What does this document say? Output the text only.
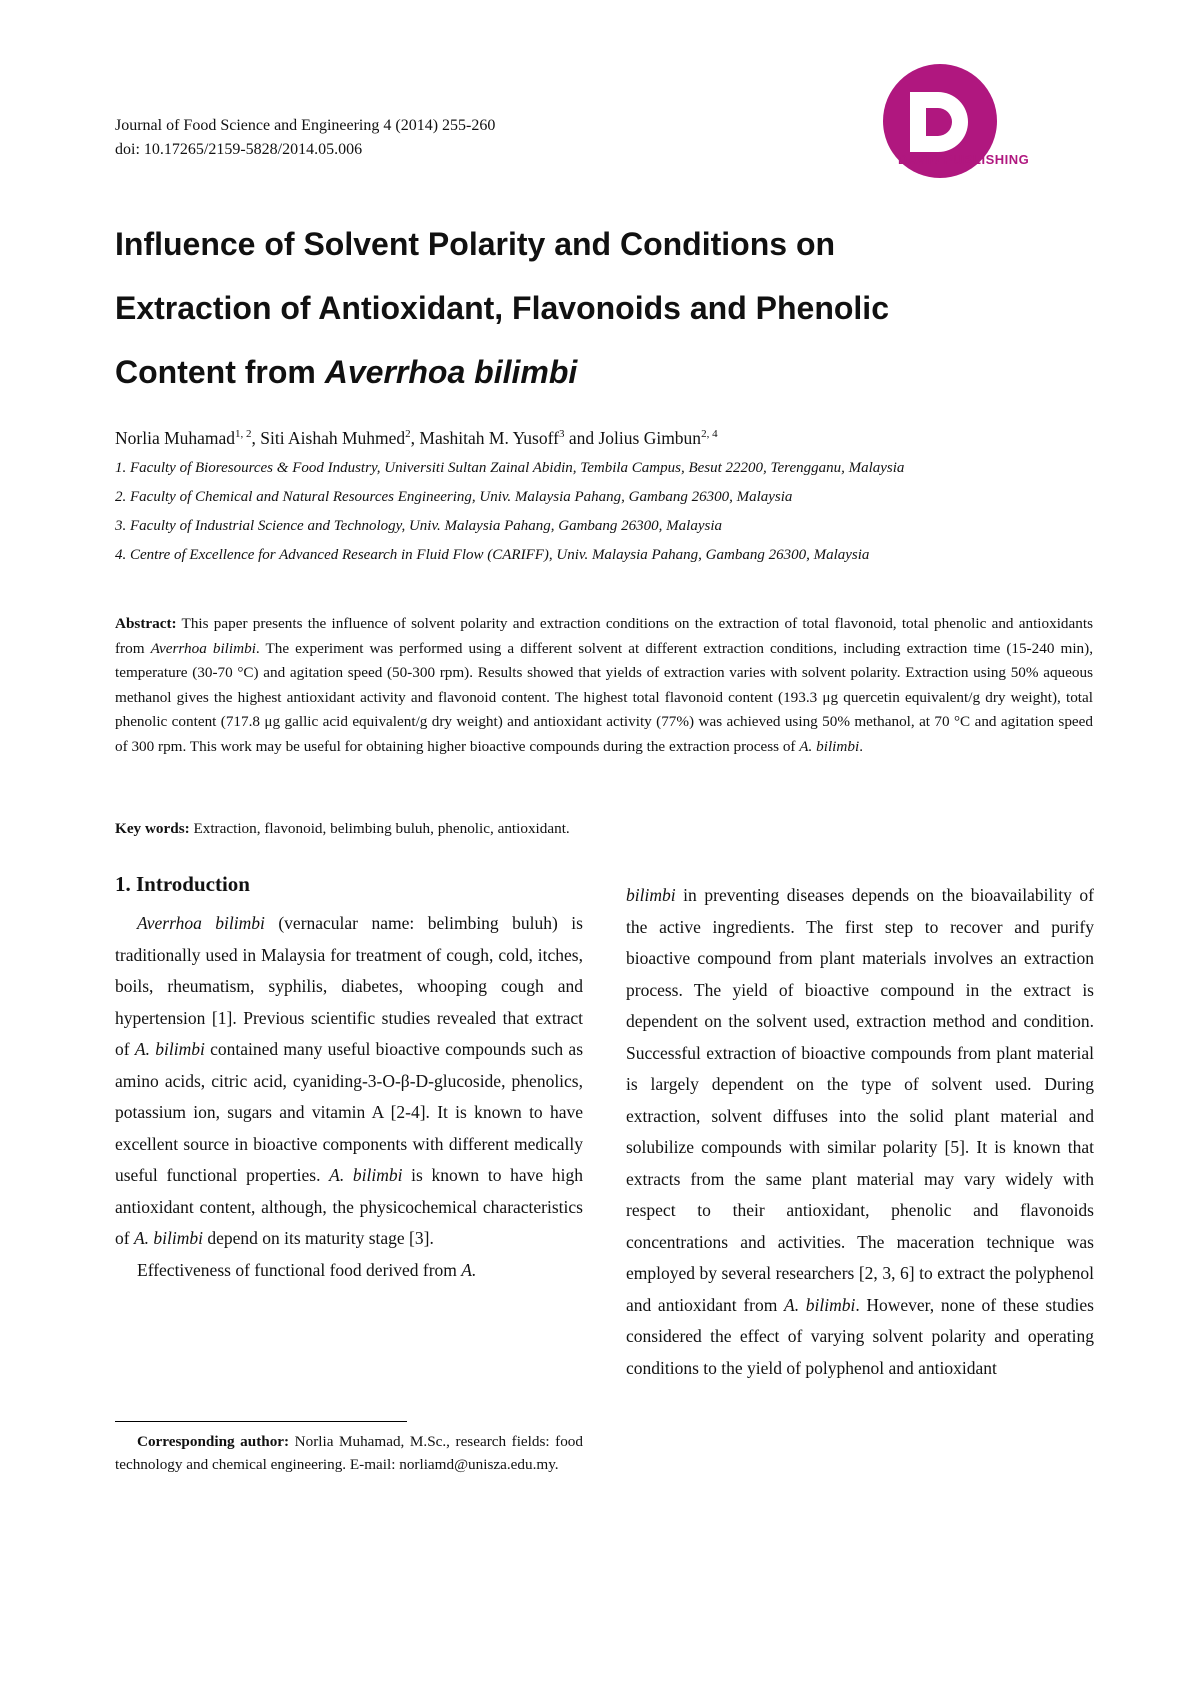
Journal of Food Science and Engineering 4 (2014) 255-260
doi: 10.17265/2159-5828/2014.05.006
DAVID PUBLISHING
Influence of Solvent Polarity and Conditions on
Extraction of Antioxidant, Flavonoids and Phenolic
Content from Averrhoa bilimbi
Norlia Muhamad$^{1, 2}$, Siti Aishah Muhmed$^2$, Mashitah M. Yusoff$^3$ and Jolius Gimbun$^{2, 4}$
1. Faculty of Bioresources & Food Industry, Universiti Sultan Zainal Abidin, Tembila Campus, Besut 22200, Terengganu, Malaysia
2. Faculty of Chemical and Natural Resources Engineering, Univ. Malaysia Pahang, Gambang 26300, Malaysia
3. Faculty of Industrial Science and Technology, Univ. Malaysia Pahang, Gambang 26300, Malaysia
4. Centre of Excellence for Advanced Research in Fluid Flow (CARIFF), Univ. Malaysia Pahang, Gambang 26300, Malaysia

Abstract: This paper presents the influence of solvent polarity and extraction conditions on the extraction of total flavonoid, total phenolic and antioxidants from Averrhoa bilimbi. The experiment was performed using a different solvent at different extraction conditions, including extraction time (15-240 min), temperature (30-70 °C) and agitation speed (50-300 rpm). Results showed that yields of extraction varies with solvent polarity. Extraction using 50% aqueous methanol gives the highest antioxidant activity and flavonoid content. The highest total flavonoid content (193.3 μg quercetin equivalent/g dry weight), total phenolic content (717.8 μg gallic acid equivalent/g dry weight) and antioxidant activity (77%) was achieved using 50% methanol, at 70 °C and agitation speed of 300 rpm. This work may be useful for obtaining higher bioactive compounds during the extraction process of A. bilimbi.

Key words: Extraction, flavonoid, belimbing buluh, phenolic, antioxidant.

1. Introduction

Averrhoa bilimbi (vernacular name: belimbing buluh) is traditionally used in Malaysia for treatment of cough, cold, itches, boils, rheumatism, syphilis, diabetes, whooping cough and hypertension [1]. Previous scientific studies revealed that extract of A. bilimbi contained many useful bioactive compounds such as amino acids, citric acid, cyaniding-3-O-β-D-glucoside, phenolics, potassium ion, sugars and vitamin A [2-4]. It is known to have excellent source in bioactive components with different medically useful functional properties. A. bilimbi is known to have high antioxidant content, although, the physicochemical characteristics of A. bilimbi depend on its maturity stage [3].

Effectiveness of functional food derived from A.

bilimbi in preventing diseases depends on the bioavailability of the active ingredients. The first step to recover and purify bioactive compound from plant materials involves an extraction process. The yield of bioactive compound in the extract is dependent on the solvent used, extraction method and condition. Successful extraction of bioactive compounds from plant material is largely dependent on the type of solvent used. During extraction, solvent diffuses into the solid plant material and solubilize compounds with similar polarity [5]. It is known that extracts from the same plant material may vary widely with respect to their antioxidant, phenolic and flavonoids concentrations and activities. The maceration technique was employed by several researchers [2, 3, 6] to extract the polyphenol and antioxidant from A. bilimbi. However, none of these studies considered the effect of varying solvent polarity and operating conditions to the yield of polyphenol and antioxidant

Corresponding author: Norlia Muhamad, M.Sc., research fields: food technology and chemical engineering. E-mail: norliamd@unisza.edu.my.
